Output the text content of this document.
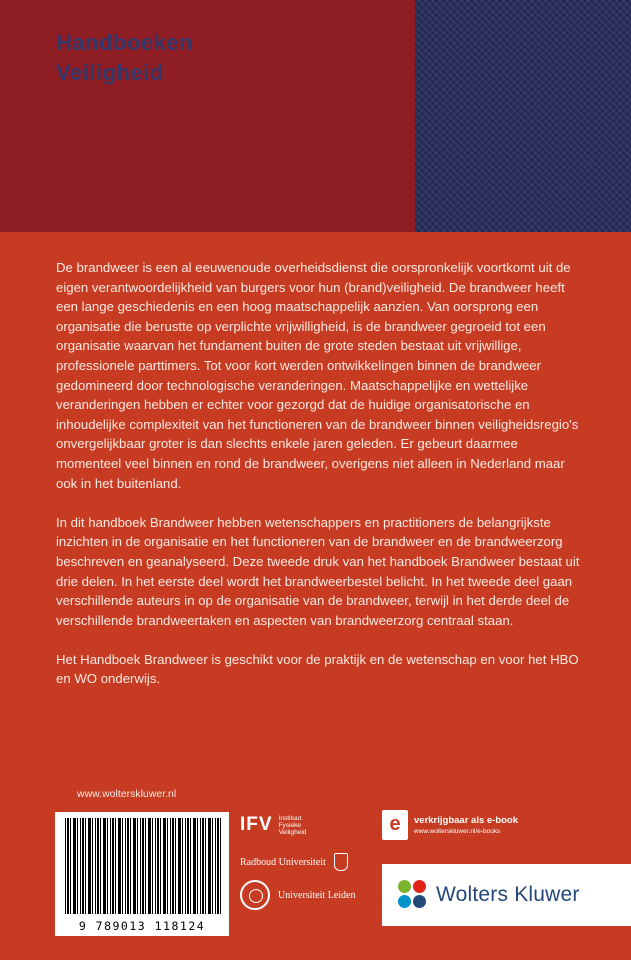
Handboeken
Veiligheid

De brandweer is een al eeuwenoude overheidsdienst die oorspronkelijk voortkomt uit de eigen verantwoordelijkheid van burgers voor hun (brand)veiligheid. De brandweer heeft een lange geschiedenis en een hoog maatschappelijk aanzien. Van oorsprong een organisatie die berustte op verplichte vrijwilligheid, is de brandweer gegroeid tot een organisatie waarvan het fundament buiten de grote steden bestaat uit vrijwillige, professionele parttimers. Tot voor kort werden ontwikkelingen binnen de brandweer gedomineerd door technologische veranderingen. Maatschappelijke en wettelijke veranderingen hebben er echter voor gezorgd dat de huidige organisatorische en inhoudelijke complexiteit van het functioneren van de brandweer binnen veiligheidsregio's onvergelijkbaar groter is dan slechts enkele jaren geleden. Er gebeurt daarmee momenteel veel binnen en rond de brandweer, overigens niet alleen in Nederland maar ook in het buitenland.

In dit handboek Brandweer hebben wetenschappers en practitioners de belangrijkste inzichten in de organisatie en het functioneren van de brandweer en de brandweerzorg beschreven en geanalyseerd. Deze tweede druk van het handboek Brandweer bestaat uit drie delen. In het eerste deel wordt het brandweerbestel belicht. In het tweede deel gaan verschillende auteurs in op de organisatie van de brandweer, terwijl in het derde deel de verschillende brandweertaken en aspecten van brandweerzorg centraal staan.

Het Handboek Brandweer is geschikt voor de praktijk en de wetenschap en voor het HBO en WO onderwijs.

www.wolterskluwer.nl

9 789013 118124

IFV Instituut
Fysieke
Veiligheid
Radboud Universiteit
Universiteit Leiden
e	verkrijgbaar als e-book
www.wolterskluwer.nl/e-books
Wolters Kluwer
